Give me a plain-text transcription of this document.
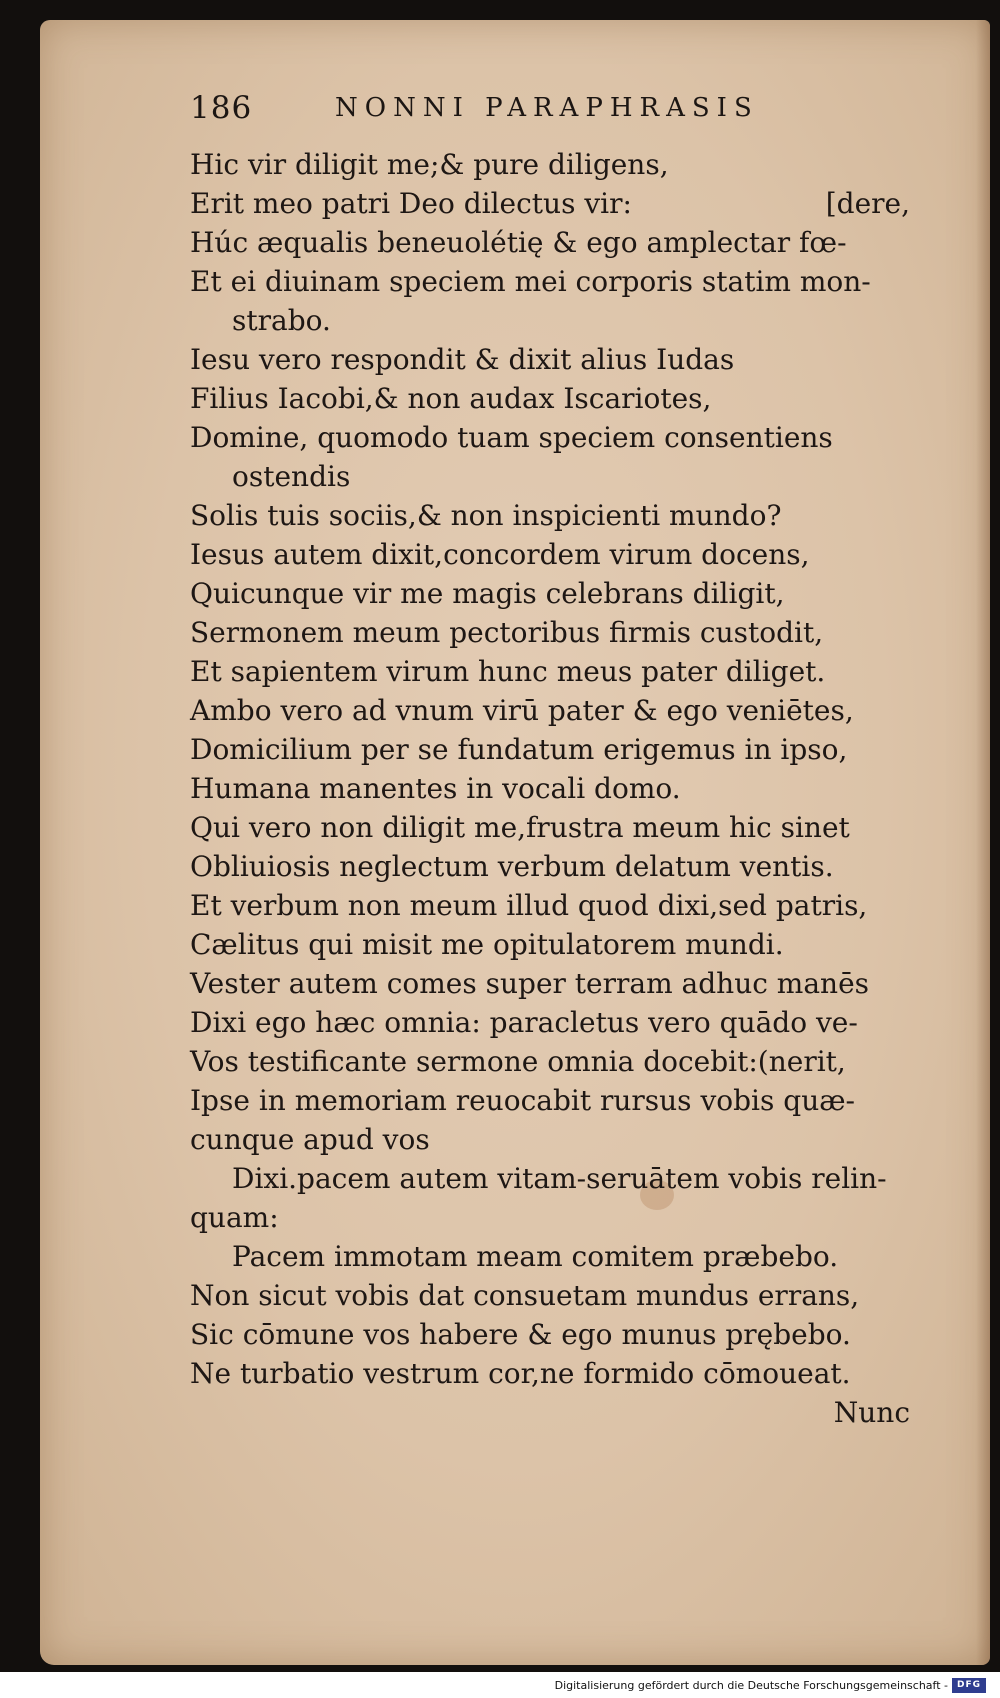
186	NONNI PARAPHRASIS
Hic vir diligit me;& pure diligens,
Erit meo patri Deo dilectus vir:	[dere,
Húc æqualis beneuolétię & ego amplectar fœ-
Et ei diuinam speciem mei corporis statim mon-
strabo.
Iesu vero respondit & dixit alius Iudas
Filius Iacobi,& non audax Iscariotes,
Domine, quomodo tuam speciem consentiens
ostendis
Solis tuis sociis,& non inspicienti mundo?
Iesus autem dixit,concordem virum docens,
Quicunque vir me magis celebrans diligit,
Sermonem meum pectoribus firmis custodit,
Et sapientem virum hunc meus pater diliget.
Ambo vero ad vnum virū pater & ego veniētes,
Domicilium per se fundatum erigemus in ipso,
Humana manentes in vocali domo.
Qui vero non diligit me,frustra meum hic sinet
Obliuiosis neglectum verbum delatum ventis.
Et verbum non meum illud quod dixi,sed patris,
Cælitus qui misit me opitulatorem mundi.
Vester autem comes super terram adhuc manēs
Dixi ego hæc omnia: paracletus vero quādo ve-
Vos testificante sermone omnia docebit:(nerit,
Ipse in memoriam reuocabit rursus vobis quæ-
cunque apud vos
Dixi.pacem autem vitam-seruātem vobis relin-
quam:
Pacem immotam meam comitem præbebo.
Non sicut vobis dat consuetam mundus errans,
Sic cōmune vos habere & ego munus prębebo.
Ne turbatio vestrum cor,ne formido cōmoueat.
Nunc
Digitalisierung gefördert durch die Deutsche Forschungsgemeinschaft - DFG
